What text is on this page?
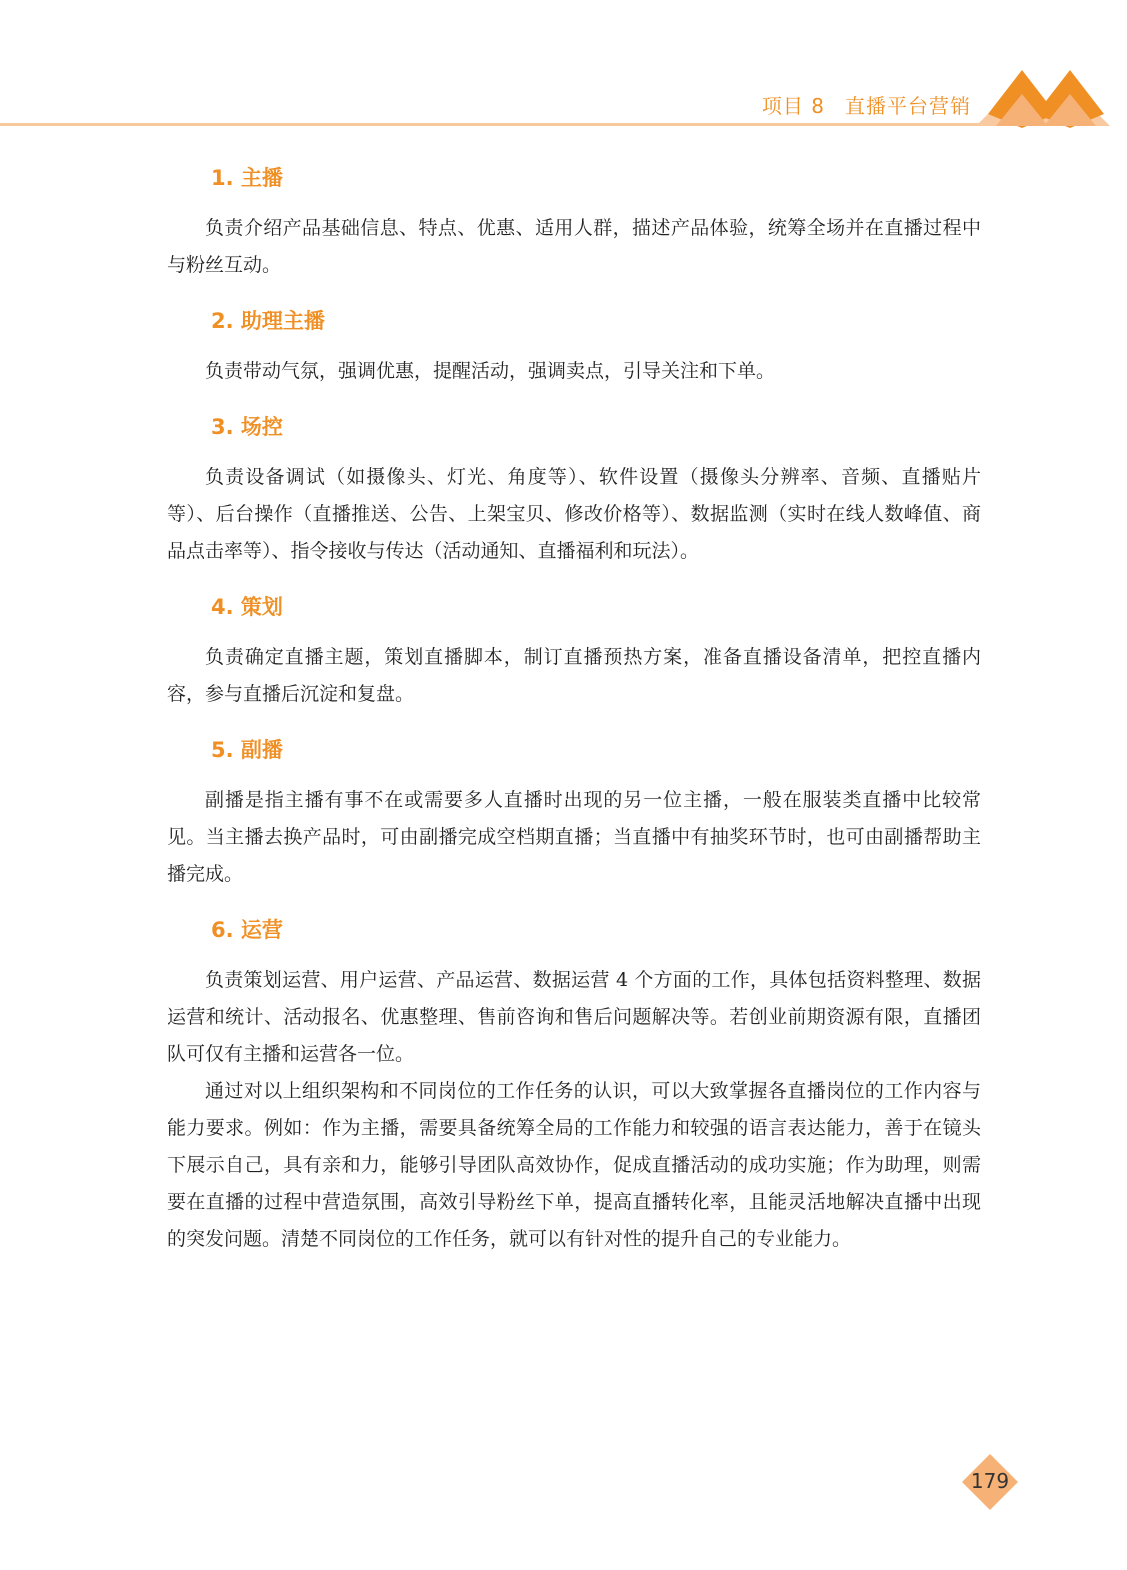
项目 8 直播平台营销
1. 主播

负责介绍产品基础信息、特点、优惠、适用人群，描述产品体验，统筹全场并在直播过程中与粉丝互动。

2. 助理主播

负责带动气氛，强调优惠，提醒活动，强调卖点，引导关注和下单。

3. 场控

负责设备调试（如摄像头、灯光、角度等）、软件设置（摄像头分辨率、音频、直播贴片等）、后台操作（直播推送、公告、上架宝贝、修改价格等）、数据监测（实时在线人数峰值、商品点击率等）、指令接收与传达（活动通知、直播福利和玩法）。

4. 策划

负责确定直播主题，策划直播脚本，制订直播预热方案，准备直播设备清单，把控直播内容，参与直播后沉淀和复盘。

5. 副播

副播是指主播有事不在或需要多人直播时出现的另一位主播，一般在服装类直播中比较常见。当主播去换产品时，可由副播完成空档期直播；当直播中有抽奖环节时，也可由副播帮助主播完成。

6. 运营

负责策划运营、用户运营、产品运营、数据运营 4 个方面的工作，具体包括资料整理、数据运营和统计、活动报名、优惠整理、售前咨询和售后问题解决等。若创业前期资源有限，直播团队可仅有主播和运营各一位。

通过对以上组织架构和不同岗位的工作任务的认识，可以大致掌握各直播岗位的工作内容与能力要求。例如：作为主播，需要具备统筹全局的工作能力和较强的语言表达能力，善于在镜头下展示自己，具有亲和力，能够引导团队高效协作，促成直播活动的成功实施；作为助理，则需要在直播的过程中营造氛围，高效引导粉丝下单，提高直播转化率，且能灵活地解决直播中出现的突发问题。清楚不同岗位的工作任务，就可以有针对性的提升自己的专业能力。

179
